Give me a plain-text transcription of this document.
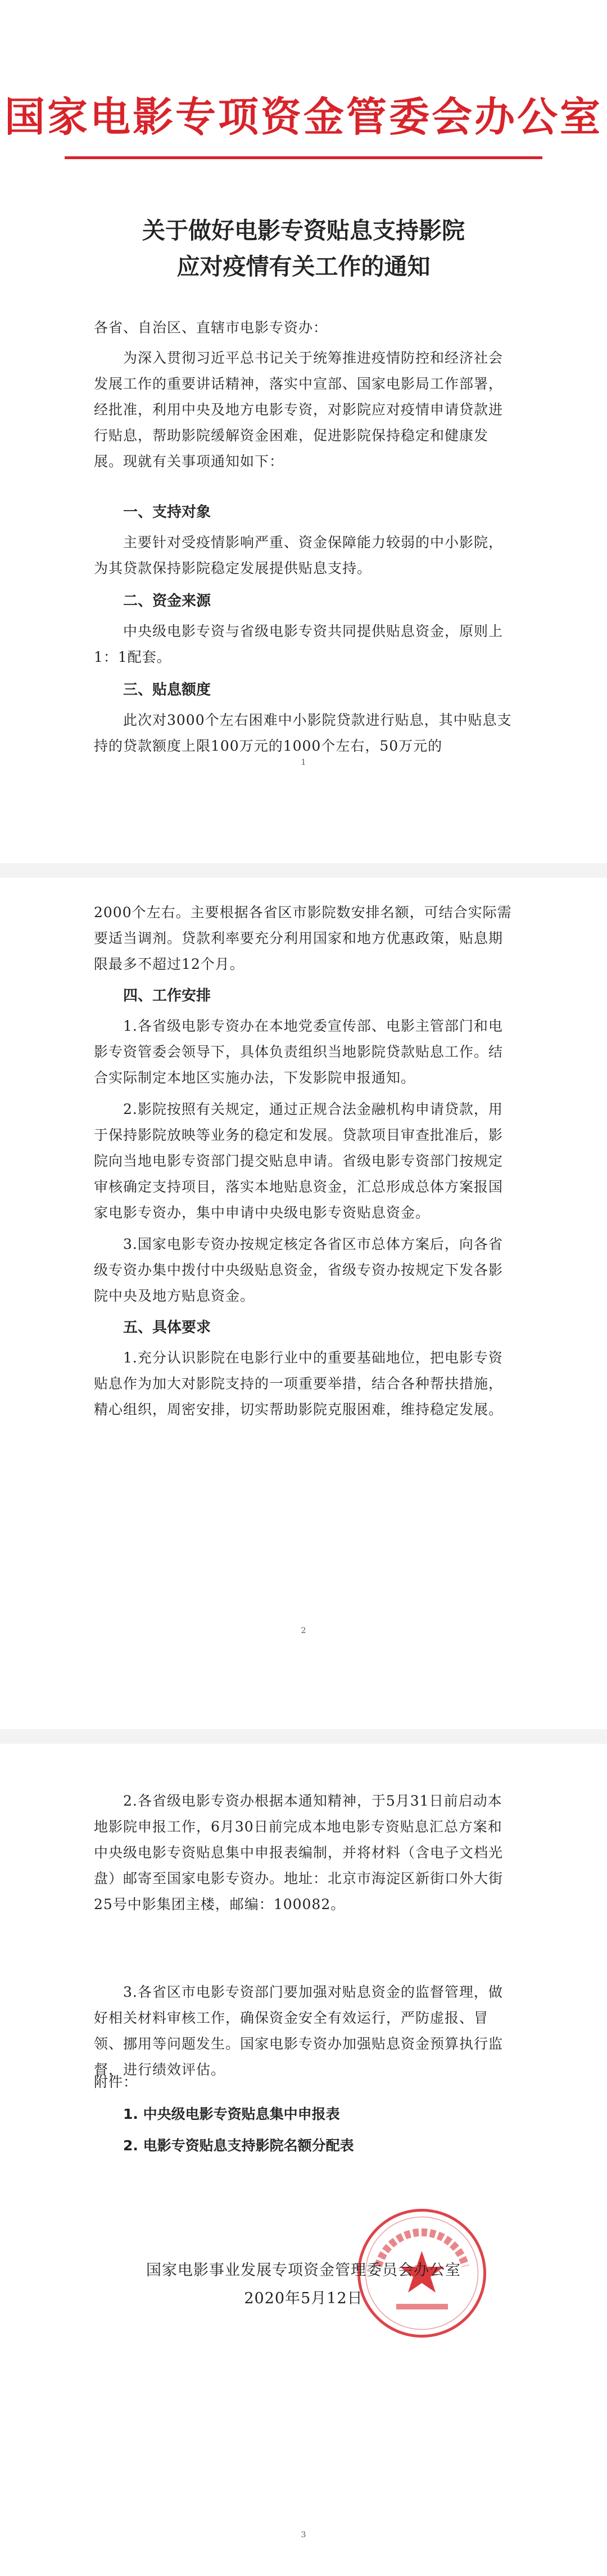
国家电影专项资金管委会办公室
关于做好电影专资贴息支持影院
应对疫情有关工作的通知
各省、自治区、直辖市电影专资办：
为深入贯彻习近平总书记关于统筹推进疫情防控和经济社会发展工作的重要讲话精神，落实中宣部、国家电影局工作部署，经批准，利用中央及地方电影专资，对影院应对疫情申请贷款进行贴息，帮助影院缓解资金困难，促进影院保持稳定和健康发展。现就有关事项通知如下：
一、支持对象
主要针对受疫情影响严重、资金保障能力较弱的中小影院，为其贷款保持影院稳定发展提供贴息支持。
二、资金来源
中央级电影专资与省级电影专资共同提供贴息资金，原则上1：1配套。
三、贴息额度
此次对3000个左右困难中小影院贷款进行贴息，其中贴息支持的贷款额度上限100万元的1000个左右，50万元的
1
2000个左右。主要根据各省区市影院数安排名额，可结合实际需要适当调剂。贷款利率要充分利用国家和地方优惠政策，贴息期限最多不超过12个月。
四、工作安排
1.各省级电影专资办在本地党委宣传部、电影主管部门和电影专资管委会领导下，具体负责组织当地影院贷款贴息工作。结合实际制定本地区实施办法，下发影院申报通知。
2.影院按照有关规定，通过正规合法金融机构申请贷款，用于保持影院放映等业务的稳定和发展。贷款项目审查批准后，影院向当地电影专资部门提交贴息申请。省级电影专资部门按规定审核确定支持项目，落实本地贴息资金，汇总形成总体方案报国家电影专资办，集中申请中央级电影专资贴息资金。
3.国家电影专资办按规定核定各省区市总体方案后，向各省级专资办集中拨付中央级贴息资金，省级专资办按规定下发各影院中央及地方贴息资金。
五、具体要求
1.充分认识影院在电影行业中的重要基础地位，把电影专资贴息作为加大对影院支持的一项重要举措，结合各种帮扶措施，精心组织，周密安排，切实帮助影院克服困难，维持稳定发展。
2
2.各省级电影专资办根据本通知精神，于5月31日前启动本地影院申报工作，6月30日前完成本地电影专资贴息汇总方案和中央级电影专资贴息集中申报表编制，并将材料（含电子文档光盘）邮寄至国家电影专资办。地址：北京市海淀区新街口外大街25号中影集团主楼，邮编：100082。
3.各省区市电影专资部门要加强对贴息资金的监督管理，做好相关材料审核工作，确保资金安全有效运行，严防虚报、冒领、挪用等问题发生。国家电影专资办加强贴息资金预算执行监督，进行绩效评估。
附件：
1. 中央级电影专资贴息集中申报表
2. 电影专资贴息支持影院名额分配表
国家电影事业发展专项资金管理委员会办公室
2020年5月12日
3
